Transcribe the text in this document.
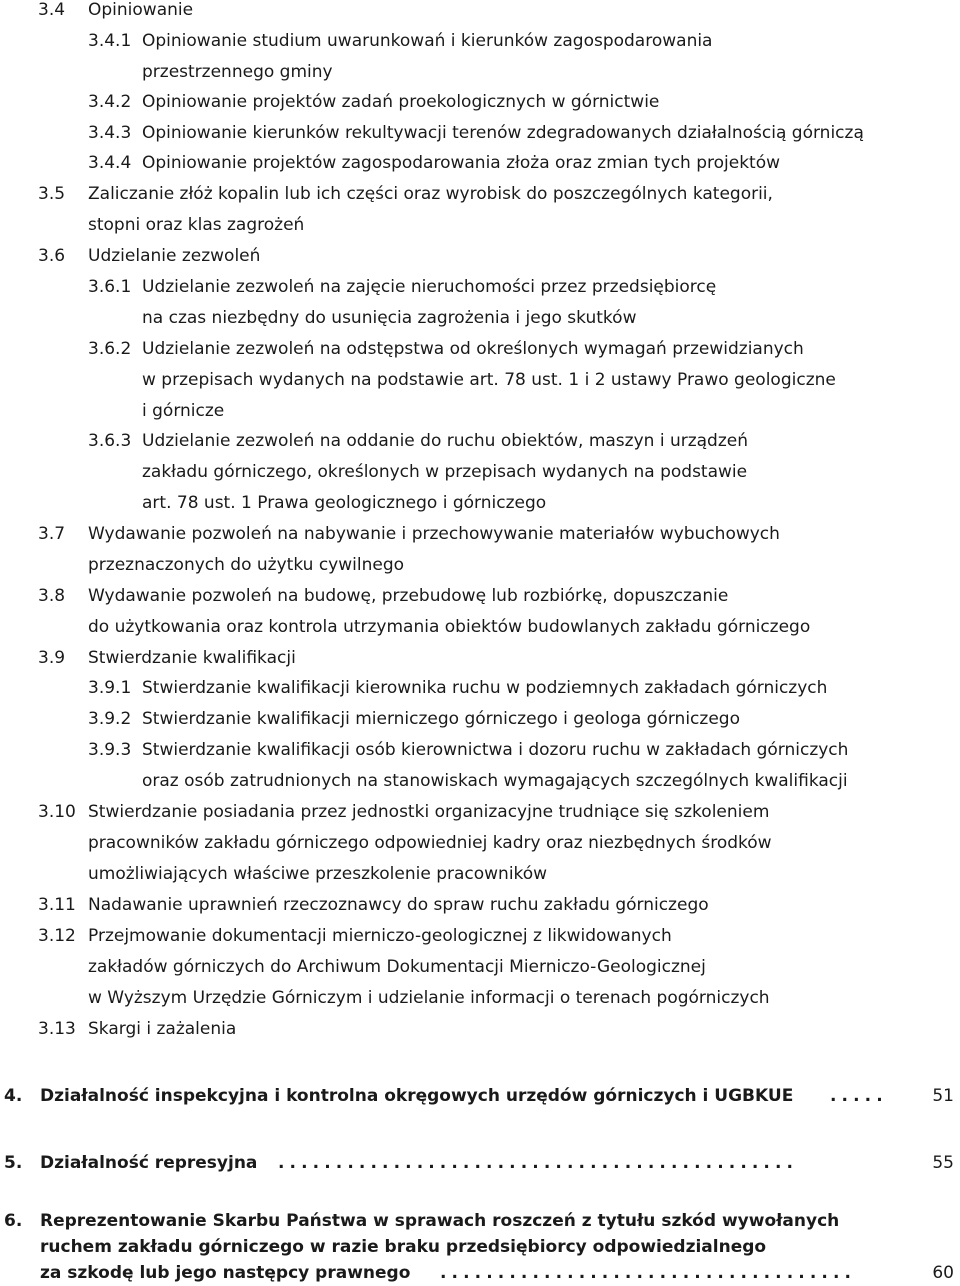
3.4 Opiniowanie
3.4.1 Opiniowanie studium uwarunkowań i kierunków zagospodarowania
przestrzennego gminy
3.4.2 Opiniowanie projektów zadań proekologicznych w górnictwie
3.4.3 Opiniowanie kierunków rekultywacji terenów zdegradowanych działalnością górniczą
3.4.4 Opiniowanie projektów zagospodarowania złoża oraz zmian tych projektów
3.5 Zaliczanie złóż kopalin lub ich części oraz wyrobisk do poszczególnych kategorii,
stopni oraz klas zagrożeń
3.6 Udzielanie zezwoleń
3.6.1 Udzielanie zezwoleń na zajęcie nieruchomości przez przedsiębiorcę
na czas niezbędny do usunięcia zagrożenia i jego skutków
3.6.2 Udzielanie zezwoleń na odstępstwa od określonych wymagań przewidzianych
w przepisach wydanych na podstawie art. 78 ust. 1 i 2 ustawy Prawo geologiczne
i górnicze
3.6.3 Udzielanie zezwoleń na oddanie do ruchu obiektów, maszyn i urządzeń
zakładu górniczego, określonych w przepisach wydanych na podstawie
art. 78 ust. 1 Prawa geologicznego i górniczego
3.7 Wydawanie pozwoleń na nabywanie i przechowywanie materiałów wybuchowych
przeznaczonych do użytku cywilnego
3.8 Wydawanie pozwoleń na budowę, przebudowę lub rozbiórkę, dopuszczanie
do użytkowania oraz kontrola utrzymania obiektów budowlanych zakładu górniczego
3.9 Stwierdzanie kwalifikacji
3.9.1 Stwierdzanie kwalifikacji kierownika ruchu w podziemnych zakładach górniczych
3.9.2 Stwierdzanie kwalifikacji mierniczego górniczego i geologa górniczego
3.9.3 Stwierdzanie kwalifikacji osób kierownictwa i dozoru ruchu w zakładach górniczych
oraz osób zatrudnionych na stanowiskach wymagających szczególnych kwalifikacji
3.10 Stwierdzanie posiadania przez jednostki organizacyjne trudniące się szkoleniem
pracowników zakładu górniczego odpowiedniej kadry oraz niezbędnych środków
umożliwiających właściwe przeszkolenie pracowników
3.11 Nadawanie uprawnień rzeczoznawcy do spraw ruchu zakładu górniczego
3.12 Przejmowanie dokumentacji mierniczo-geologicznej z likwidowanych
zakładów górniczych do Archiwum Dokumentacji Mierniczo-Geologicznej
w Wyższym Urzędzie Górniczym i udzielanie informacji o terenach pogórniczych
3.13 Skargi i zażalenia
4. Działalność inspekcyjna i kontrolna okręgowych urzędów górniczych i UGBKUE .....	51
5. Działalność represyjna .............................................	55
6. Reprezentowanie Skarbu Państwa w sprawach roszczeń z tytułu szkód wywołanych
ruchem zakładu górniczego w razie braku przedsiębiorcy odpowiedzialnego
za szkodę lub jego następcy prawnego ....................................	60
